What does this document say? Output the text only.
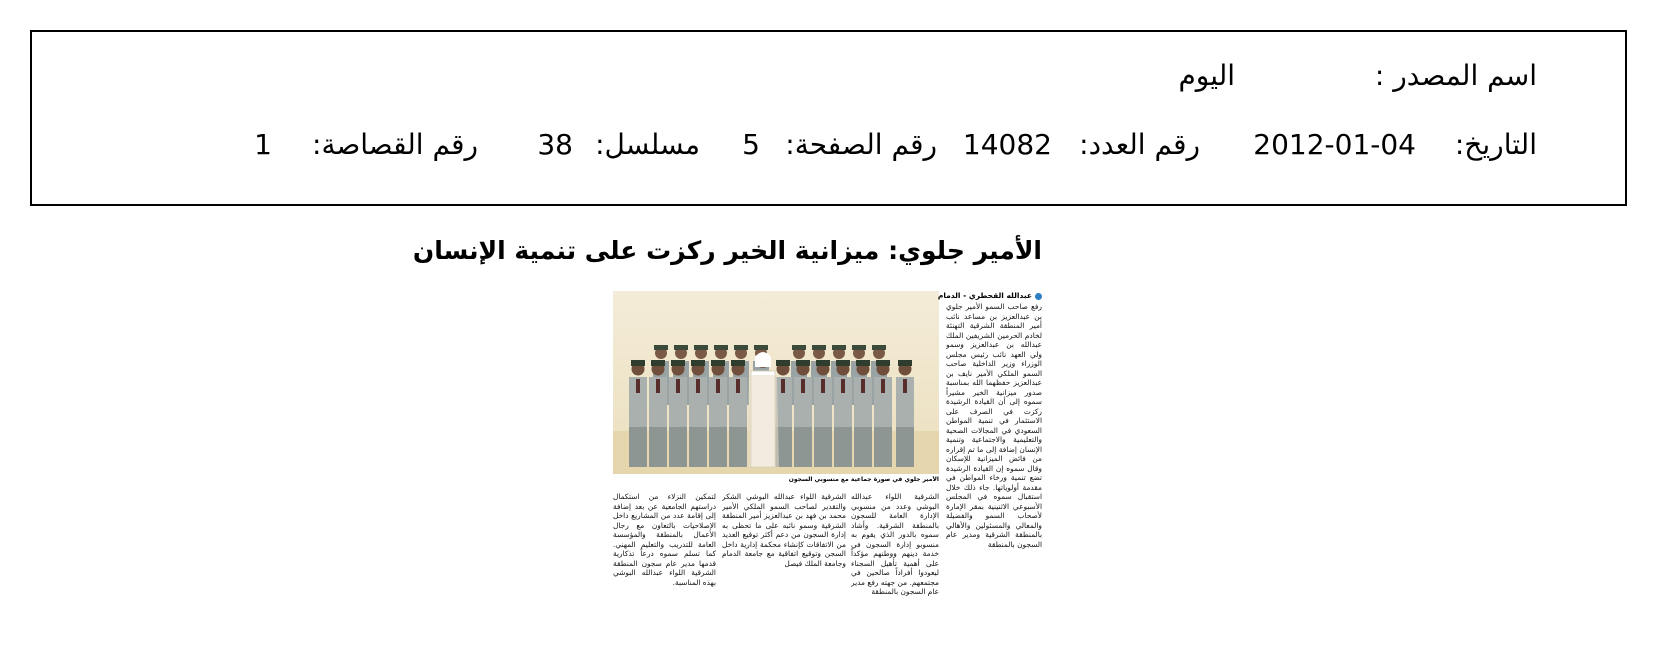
اسم المصدر :
اليوم
التاريخ:
2012-01-04
رقم العدد:
14082
رقم الصفحة:
5
مسلسل:
38
رقم القصاصة:
1
الأمير جلوي: ميزانية الخير ركزت على تنمية الإنسان
الأمير جلوي في صورة جماعية مع منسوبي السجون
عبدالله القحطري - الدمام
رفع صاحب السمو الأمير جلوي بن عبدالعزيز بن مساعد نائب أمير المنطقة الشرقية التهنئة لخادم الحرمين الشريفين الملك عبدالله بن عبدالعزيز وسمو ولي العهد نائب رئيس مجلس الوزراء وزير الداخلية صاحب السمو الملكي الأمير نايف بن عبدالعزيز حفظهما الله بمناسبة صدور ميزانية الخير مشيراً سموه إلى أن القيادة الرشيدة ركزت في الصرف على الاستثمار في تنمية المواطن السعودي في المجالات الصحية والتعليمية والاجتماعية وتنمية الإنسان إضافة إلى ما تم إقراره من فائض الميزانية للإسكان وقال سموه إن القيادة الرشيدة تضع تنمية ورخاء المواطن في مقدمة أولوياتها. جاء ذلك خلال استقبال سموه في المجلس الأسبوعي الاثنينية بمقر الإمارة لأصحاب السمو والفضيلة والمعالي والمسئولين والأهالي بالمنطقة الشرقية ومدير عام السجون بالمنطقة
الشرقية اللواء عبدالله البوشي وعدد من منسوبي الإدارة العامة للسجون بالمنطقة الشرقية. وأشاد سموه بالدور الذي يقوم به منسوبو إدارة السجون في خدمة دينهم ووطنهم مؤكداً على أهمية تأهيل السجناء ليعودوا أفراداً صالحين في مجتمعهم. من جهته رفع مدير عام السجون بالمنطقة
الشرقية اللواء عبدالله البوشي الشكر والتقدير لصاحب السمو الملكي الأمير محمد بن فهد بن عبدالعزيز أمير المنطقة الشرقية وسمو نائبه على ما تحظى به إدارة السجون من دعم أكثر توقيع العديد من الاتفاقات كإنشاء محكمة إدارية داخل السجن وتوقيع اتفاقية مع جامعة الدمام وجامعة الملك فيصل
لتمكين النزلاء من استكمال دراستهم الجامعية عن بعد إضافة إلى إقامة عدد من المشاريع داخل الإصلاحيات بالتعاون مع رجال الأعمال بالمنطقة والمؤسسة العامة للتدريب والتعليم المهني. كما تسلم سموه درعاً تذكارية قدمها مدير عام سجون المنطقة الشرقية اللواء عبدالله البوشي بهذه المناسبة.
